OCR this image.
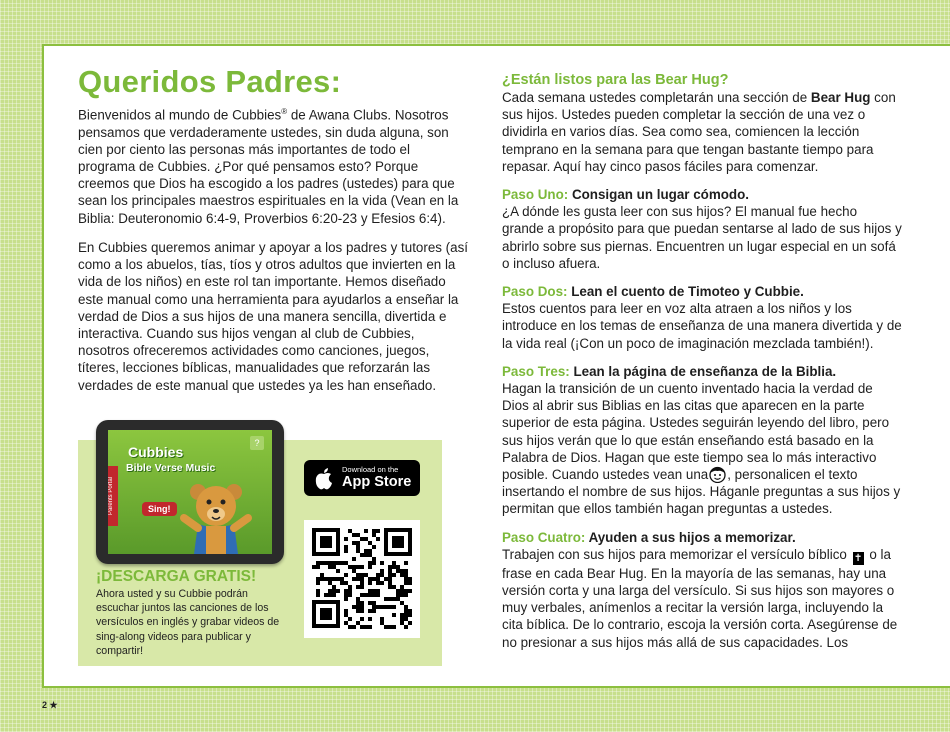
Queridos Padres:

Bienvenidos al mundo de Cubbies® de Awana Clubs. Nosotros pensamos que verdaderamente ustedes, sin duda alguna, son cien por ciento las personas más importantes de todo el programa de Cubbies. ¿Por qué pensamos esto? Porque creemos que Dios ha escogido a los padres (ustedes) para que sean los principales maestros espirituales en la vida (Vean en la Biblia: Deuteronomio 6:4-9, Proverbios 6:20-23 y Efesios 6:4).

En Cubbies queremos animar y apoyar a los padres y tutores (así como a los abuelos, tías, tíos y otros adultos que invierten en la vida de los niños) en este rol tan importante. Hemos diseñado este manual como una herramienta para ayudarlos a enseñar la verdad de Dios a sus hijos de una manera sencilla, divertida e interactiva. Cuando sus hijos vengan al club de Cubbies, nosotros ofreceremos actividades como canciones, juegos, títeres, lecciones bíblicas, manualidades que reforzarán las verdades de este manual que ustedes ya les han enseñado.

Cubbies
Bible Verse Music
Parents Portal
?
Sing!
Download on the
App Store
¡DESCARGA GRATIS!
Ahora usted y su Cubbie podrán escuchar juntos las canciones de los versículos en inglés y grabar videos de sing-along videos para publicar y compartir!
¿Están listos para las Bear Hug?

Cada semana ustedes completarán una sección de Bear Hug con sus hijos. Ustedes pueden completar la sección de una vez o dividirla en varios días. Sea como sea, comiencen la lección temprano en la semana para que tengan bastante tiempo para repasar. Aquí hay cinco pasos fáciles para comenzar.

Paso Uno: Consigan un lugar cómodo.
¿A dónde les gusta leer con sus hijos? El manual fue hecho grande a propósito para que puedan sentarse al lado de sus hijos y abrirlo sobre sus piernas. Encuentren un lugar especial en un sofá o incluso afuera.
Paso Dos: Lean el cuento de Timoteo y Cubbie.
Estos cuentos para leer en voz alta atraen a los niños y los introduce en los temas de enseñanza de una manera divertida y de la vida real (¡Con un poco de imaginación mezclada también!).
Paso Tres: Lean la página de enseñanza de la Biblia.
Hagan la transición de un cuento inventado hacia la verdad de Dios al abrir sus Biblias en las citas que aparecen en la parte superior de esta página. Ustedes seguirán leyendo del libro, pero sus hijos verán que lo que están enseñando está basado en la Palabra de Dios. Hagan que este tiempo sea lo más interactivo posible. Cuando ustedes vean una , personalicen el texto insertando el nombre de sus hijos. Háganle preguntas a sus hijos y permitan que ellos también hagan preguntas a ustedes.
Paso Cuatro: Ayuden a sus hijos a memorizar.
Trabajen con sus hijos para memorizar el versículo bíblico ✝ o la frase en cada Bear Hug. En la mayoría de las semanas, hay una versión corta y una larga del versículo. Si sus hijos son mayores o muy verbales, anímenlos a recitar la versión larga, incluyendo la cita bíblica. De lo contrario, escoja la versión corta. Asegúrense de no presionar a sus hijos más allá de sus capacidades. Los
2 ★
